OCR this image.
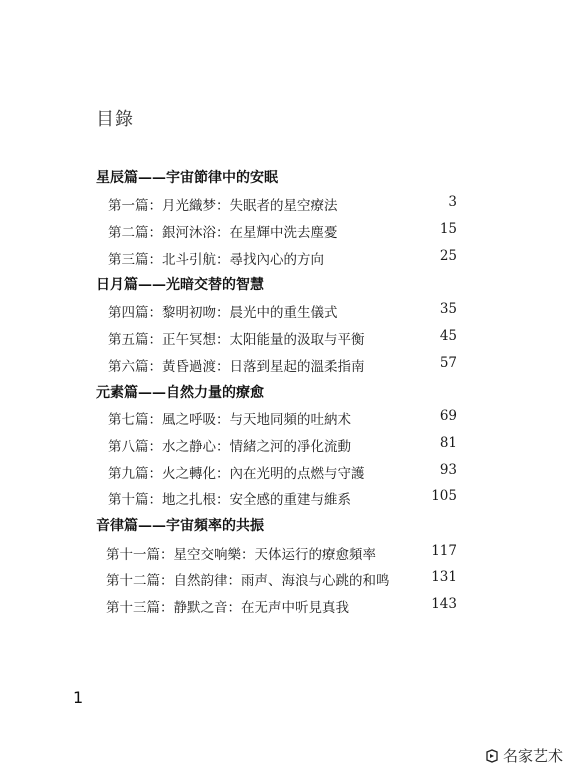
目錄
星辰篇——宇宙節律中的安眠
第一篇：月光織梦：失眠者的星空療法	3
第二篇：銀河沐浴：在星輝中洗去塵憂	15
第三篇：北斗引航：尋找內心的方向	25
日月篇——光暗交替的智慧
第四篇：黎明初吻：晨光中的重生儀式	35
第五篇：正午冥想：太阳能量的汲取与平衡	45
第六篇：黃昏過渡：日落到星起的溫柔指南	57
元素篇——自然力量的療愈
第七篇：風之呼吸：与天地同頻的吐納术	69
第八篇：水之静心：情緒之河的凈化流動	81
第九篇：火之轉化：內在光明的点燃与守護	93
第十篇：地之扎根：安全感的重建与維系	105
音律篇——宇宙頻率的共振
第十一篇：星空交响樂：天体运行的療愈頻率	117
第十二篇：自然韵律：雨声、海浪与心跳的和鸣	131
第十三篇：静默之音：在无声中听見真我	143
1
名家艺术
